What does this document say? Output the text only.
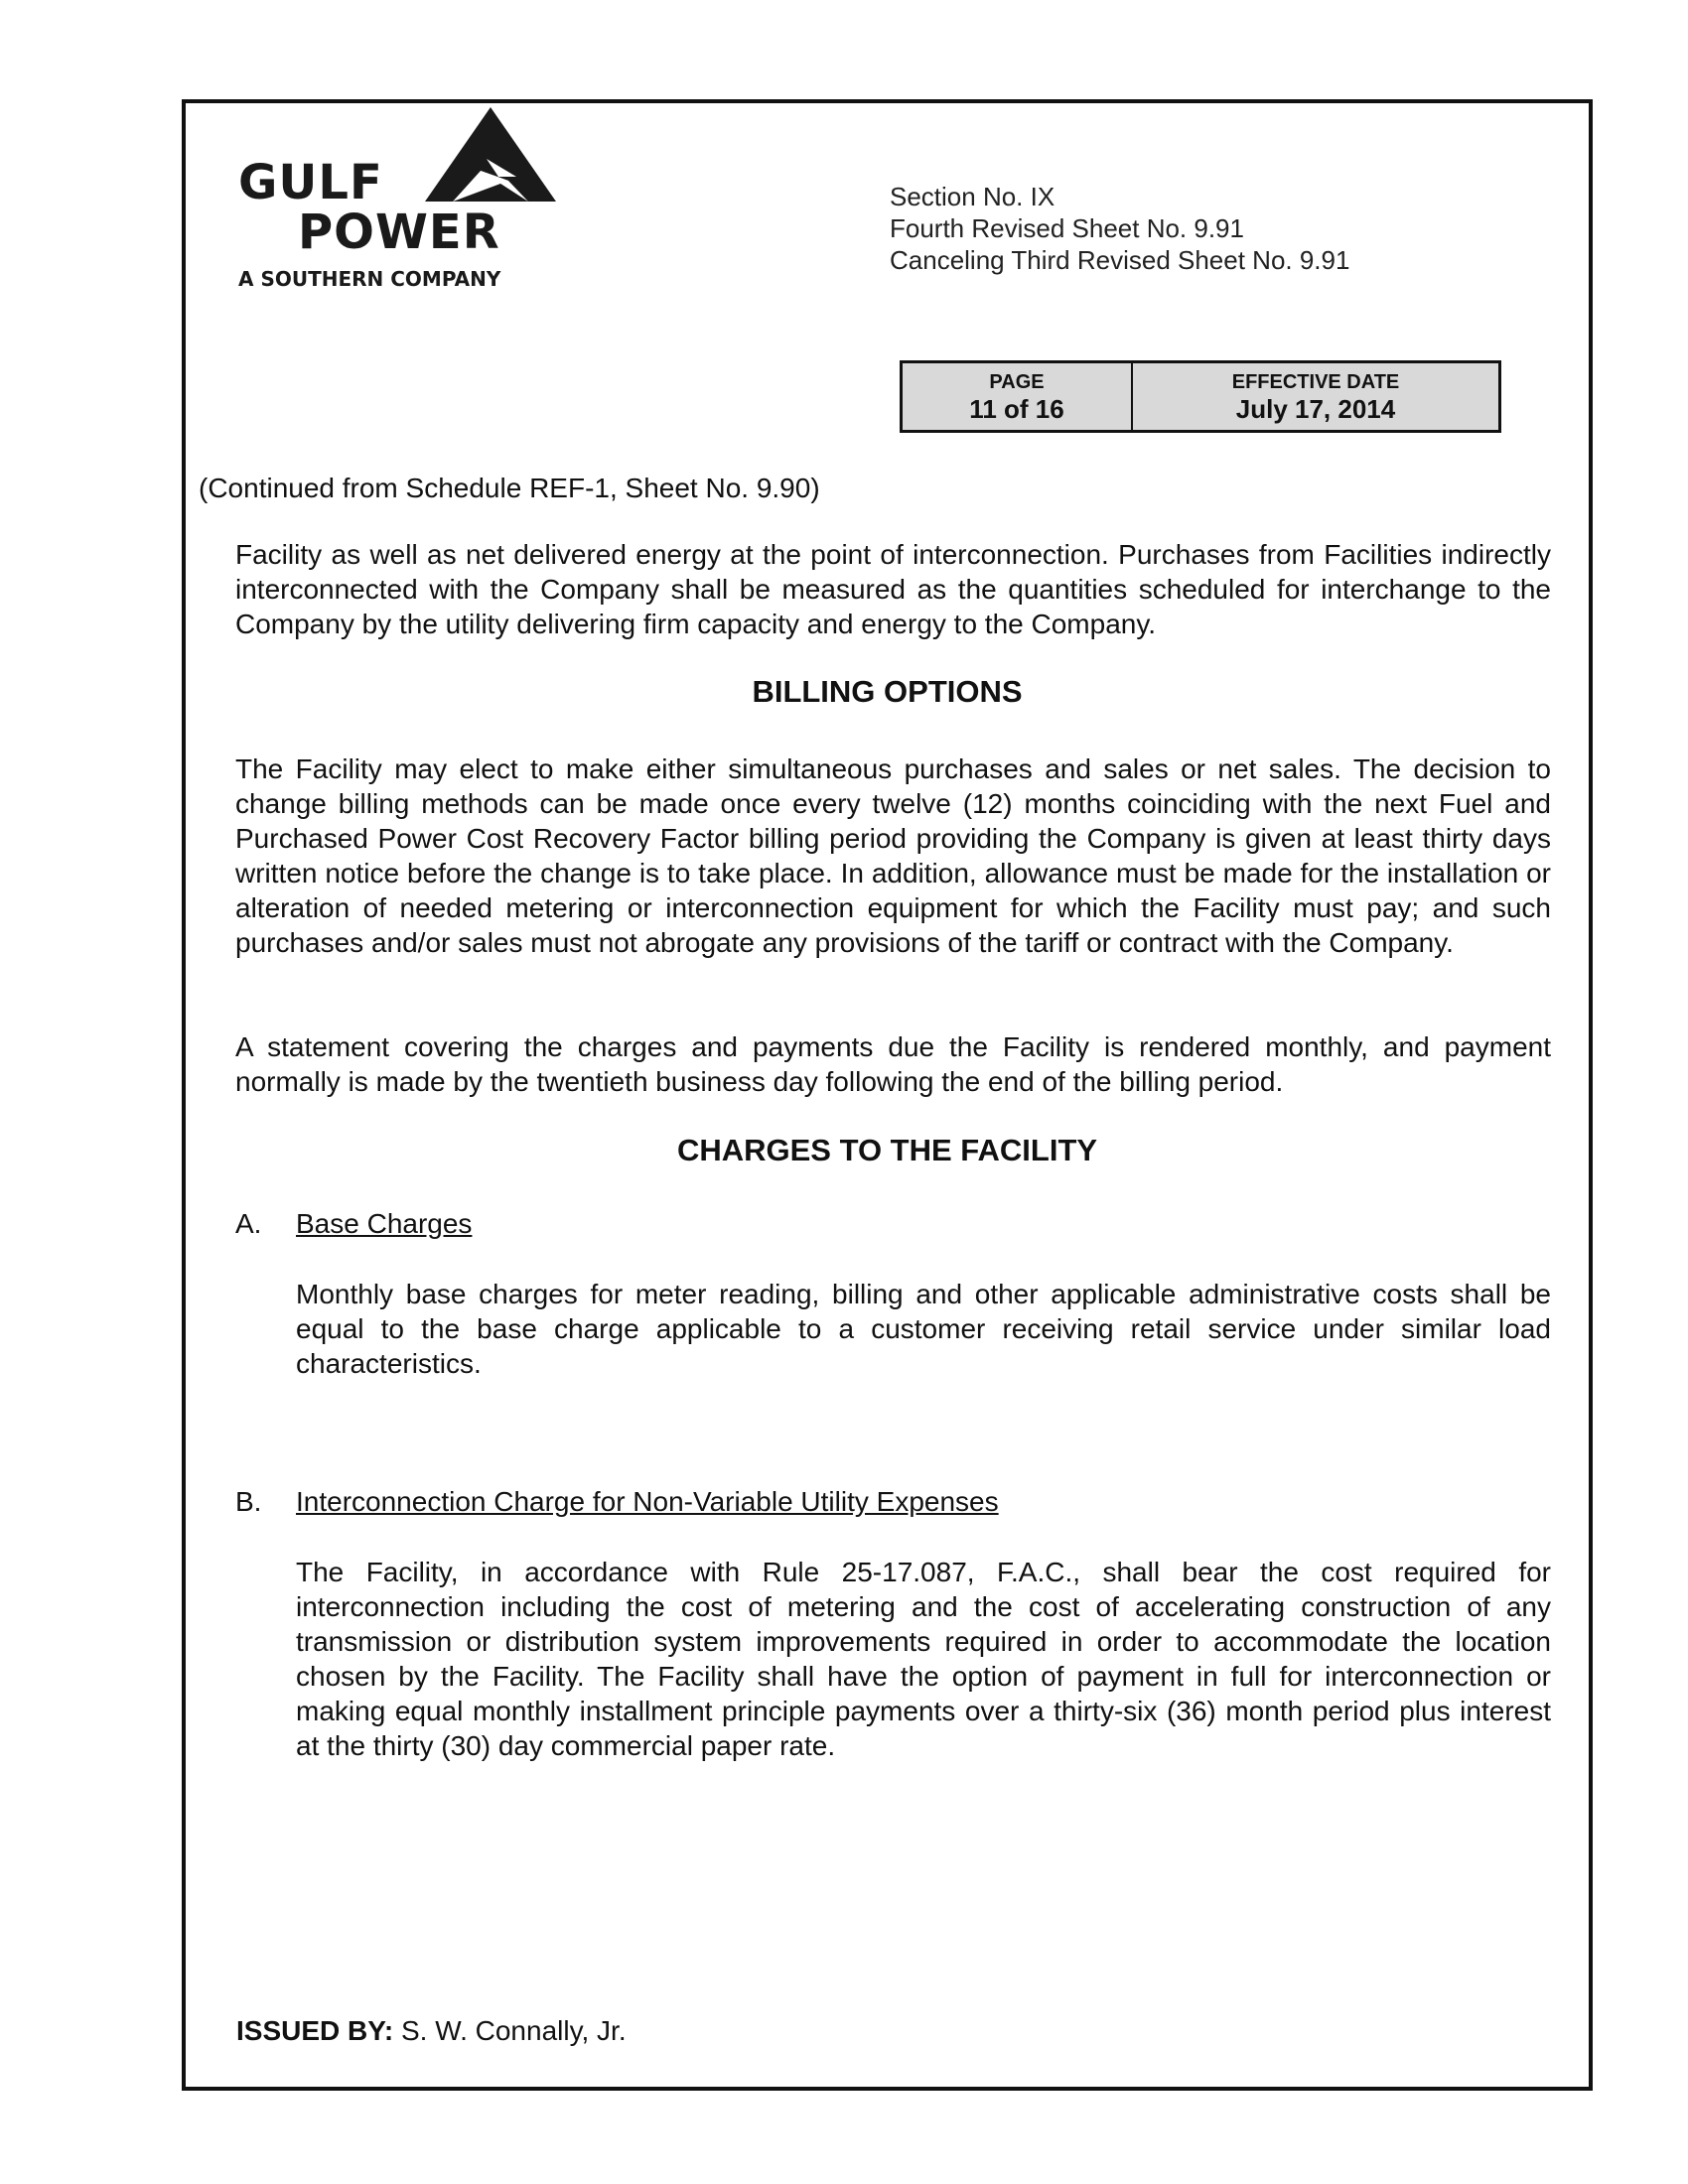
GULF
POWER
A SOUTHERN COMPANY
Section No. IX
Fourth Revised Sheet No. 9.91
Canceling Third Revised Sheet No. 9.91
PAGE
11 of 16
EFFECTIVE DATE
July 17, 2014
(Continued from Schedule REF-1, Sheet No. 9.90)

Facility as well as net delivered energy at the point of interconnection. Purchases from Facilities indirectly interconnected with the Company shall be measured as the quantities scheduled for interchange to the Company by the utility delivering firm capacity and energy to the Company.

BILLING OPTIONS

The Facility may elect to make either simultaneous purchases and sales or net sales. The decision to change billing methods can be made once every twelve (12) months coinciding with the next Fuel and Purchased Power Cost Recovery Factor billing period providing the Company is given at least thirty days written notice before the change is to take place. In addition, allowance must be made for the installation or alteration of needed metering or interconnection equipment for which the Facility must pay; and such purchases and/or sales must not abrogate any provisions of the tariff or contract with the Company.

A statement covering the charges and payments due the Facility is rendered monthly, and payment normally is made by the twentieth business day following the end of the billing period.

CHARGES TO THE FACILITY
A. Base Charges

Monthly base charges for meter reading, billing and other applicable administrative costs shall be equal to the base charge applicable to a customer receiving retail service under similar load characteristics.

B. Interconnection Charge for Non-Variable Utility Expenses

The Facility, in accordance with Rule 25-17.087, F.A.C., shall bear the cost required for interconnection including the cost of metering and the cost of accelerating construction of any transmission or distribution system improvements required in order to accommodate the location chosen by the Facility. The Facility shall have the option of payment in full for interconnection or making equal monthly installment principle payments over a thirty-six (36) month period plus interest at the thirty (30) day commercial paper rate.

ISSUED BY: S. W. Connally, Jr.
